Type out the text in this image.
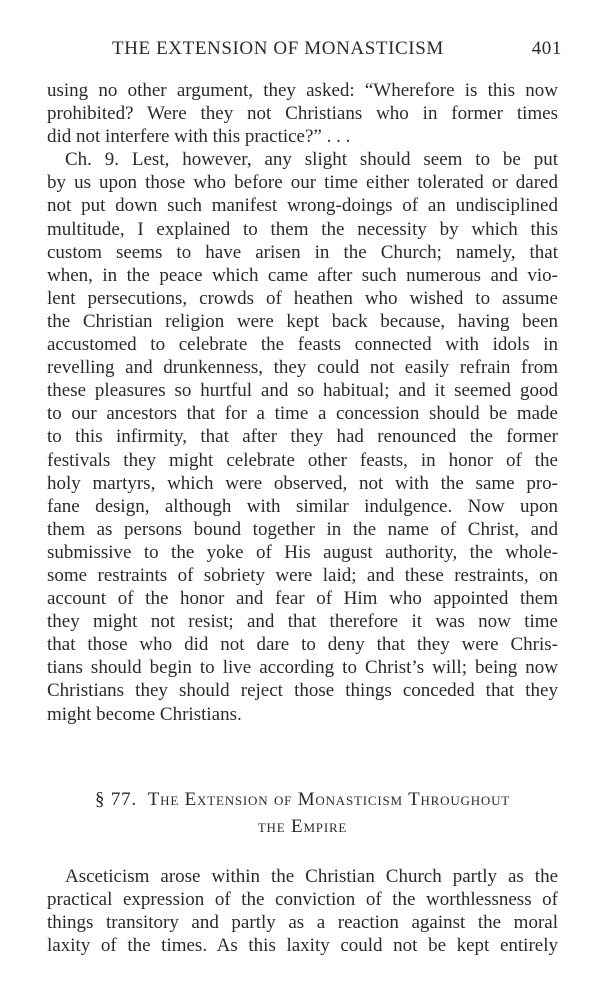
THE EXTENSION OF MONASTICISM	401
using no other argument, they asked: “Wherefore is this now
prohibited? Were they not Christians who in former times
did not interfere with this practice?” . . .
Ch. 9. Lest, however, any slight should seem to be put
by us upon those who before our time either tolerated or dared
not put down such manifest wrong-doings of an undisciplined
multitude, I explained to them the necessity by which this
custom seems to have arisen in the Church; namely, that
when, in the peace which came after such numerous and vio-
lent persecutions, crowds of heathen who wished to assume
the Christian religion were kept back because, having been
accustomed to celebrate the feasts connected with idols in
revelling and drunkenness, they could not easily refrain from
these pleasures so hurtful and so habitual; and it seemed good
to our ancestors that for a time a concession should be made
to this infirmity, that after they had renounced the former
festivals they might celebrate other feasts, in honor of the
holy martyrs, which were observed, not with the same pro-
fane design, although with similar indulgence. Now upon
them as persons bound together in the name of Christ, and
submissive to the yoke of His august authority, the whole-
some restraints of sobriety were laid; and these restraints, on
account of the honor and fear of Him who appointed them
they might not resist; and that therefore it was now time
that those who did not dare to deny that they were Chris-
tians should begin to live according to Christ’s will; being now
Christians they should reject those things conceded that they
might become Christians.
§ 77. The Extension of Monasticism Throughout
the Empire
Asceticism arose within the Christian Church partly as the
practical expression of the conviction of the worthlessness of
things transitory and partly as a reaction against the moral
laxity of the times. As this laxity could not be kept entirely
